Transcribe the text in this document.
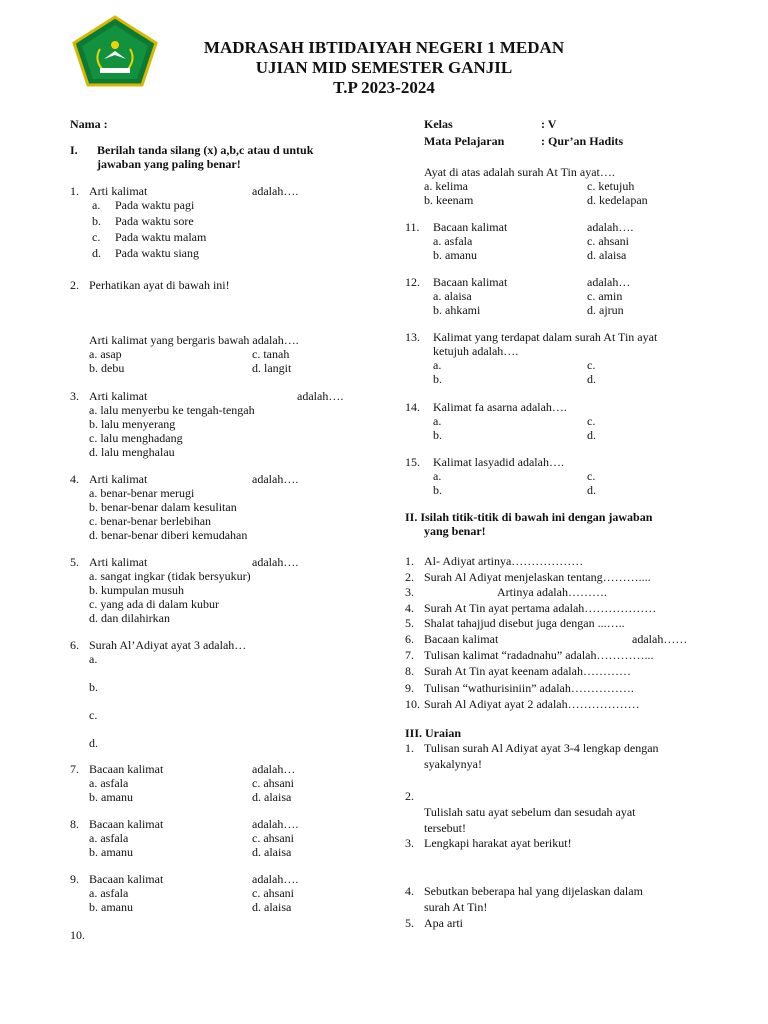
MADRASAH IBTIDAIYAH NEGERI 1 MEDAN
UJIAN MID SEMESTER GANJIL
T.P 2023-2024
Nama :
I. Berilah tanda silang (x) a,b,c atau d untuk
jawaban yang paling benar!
1. Arti kalimat	adalah….
a. Pada waktu pagi
b. Pada waktu sore
c. Pada waktu malam
d. Pada waktu siang
2. Perhatikan ayat di bawah ini!
Arti kalimat yang bergaris bawah adalah….
a. asap	c. tanah
b. debu	d. langit
3. Arti kalimat	adalah….
a. lalu menyerbu ke tengah-tengah
b. lalu menyerang
c. lalu menghadang
d. lalu menghalau
4. Arti kalimat	adalah….
a. benar-benar merugi
b. benar-benar dalam kesulitan
c. benar-benar berlebihan
d. benar-benar diberi kemudahan
5. Arti kalimat	adalah….
a. sangat ingkar (tidak bersyukur)
b. kumpulan musuh
c. yang ada di dalam kubur
d. dan dilahirkan
6. Surah Al’Adiyat ayat 3 adalah…
a.
b.
c.
d.
7. Bacaan kalimat	adalah…
a. asfala	c. ahsani
b. amanu	d. alaisa
8. Bacaan kalimat	adalah….
a. asfala	c. ahsani
b. amanu	d. alaisa
9. Bacaan kalimat	adalah….
a. asfala	c. ahsani
b. amanu	d. alaisa
10.
Kelas	: V
Mata Pelajaran	: Qur’an Hadits
Ayat di atas adalah surah At Tin ayat….
a. kelima	c. ketujuh
b. keenam	d. kedelapan
11. Bacaan kalimat	adalah….
a. asfala	c. ahsani
b. amanu	d. alaisa
12. Bacaan kalimat	adalah…
a. alaisa	c. amin
b. ahkami	d. ajrun
13. Kalimat yang terdapat dalam surah At Tin ayat
ketujuh adalah….
a.	c.
b.	d.
14. Kalimat fa asarna adalah….
a.	c.
b.	d.
15. Kalimat lasyadid adalah….
a.	c.
b.	d.
II. Isilah titik-titik di bawah ini dengan jawaban
yang benar!
1. Al- Adiyat artinya………………
2. Surah Al Adiyat menjelaskan tentang………....
3.	Artinya adalah……….
4. Surah At Tin ayat pertama adalah………………
5. Shalat tahajjud disebut juga dengan ...…..
6. Bacaan kalimat	adalah……
7. Tulisan kalimat “radadnahu” adalah…………...
8. Surah At Tin ayat keenam adalah…………
9. Tulisan “wathurisiniin” adalah…………….
10. Surah Al Adiyat ayat 2 adalah………………
III. Uraian
1. Tulisan surah Al Adiyat ayat 3-4 lengkap dengan
syakalynya!
2.
Tulislah satu ayat sebelum dan sesudah ayat
tersebut!
3. Lengkapi harakat ayat berikut!
4. Sebutkan beberapa hal yang dijelaskan dalam
surah At Tin!
5. Apa arti
